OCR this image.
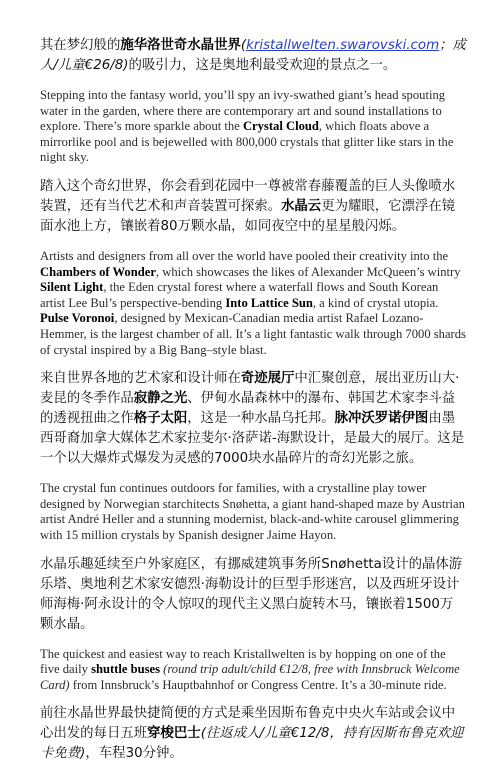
其在梦幻般的施华洛世奇水晶世界(kristallwelten.swarovski.com；成人/儿童€26/8)的吸引力，这是奥地利最受欢迎的景点之一。

Stepping into the fantasy world, you’ll spy an ivy-swathed giant’s head spouting water in the garden, where there are contemporary art and sound installations to explore. There’s more sparkle about the Crystal Cloud, which floats above a mirrorlike pool and is bejewelled with 800,000 crystals that glitter like stars in the night sky.

踏入这个奇幻世界，你会看到花园中一尊被常春藤覆盖的巨人头像喷水装置，还有当代艺术和声音装置可探索。水晶云更为耀眼，它漂浮在镜面水池上方，镶嵌着80万颗水晶，如同夜空中的星星般闪烁。

Artists and designers from all over the world have pooled their creativity into the Chambers of Wonder, which showcases the likes of Alexander McQueen’s wintry Silent Light, the Eden crystal forest where a waterfall flows and South Korean artist Lee Bul’s perspective-bending Into Lattice Sun, a kind of crystal utopia. Pulse Voronoi, designed by Mexican-Canadian media artist Rafael Lozano-Hemmer, is the largest chamber of all. It’s a light fantastic walk through 7000 shards of crystal inspired by a Big Bang–style blast.

来自世界各地的艺术家和设计师在奇迹展厅中汇聚创意，展出亚历山大·麦昆的冬季作品寂静之光、伊甸水晶森林中的瀑布、韩国艺术家李斗益的透视扭曲之作格子太阳，这是一种水晶乌托邦。脉冲沃罗诺伊图由墨西哥裔加拿大媒体艺术家拉斐尔·洛萨诺-海默设计，是最大的展厅。这是一个以大爆炸式爆发为灵感的7000块水晶碎片的奇幻光影之旅。

The crystal fun continues outdoors for families, with a crystalline play tower designed by Norwegian starchitects Snøhetta, a giant hand-shaped maze by Austrian artist André Heller and a stunning modernist, black-and-white carousel glimmering with 15 million crystals by Spanish designer Jaime Hayon.

水晶乐趣延续至户外家庭区，有挪威建筑事务所Snøhetta设计的晶体游乐塔、奥地利艺术家安德烈·海勒设计的巨型手形迷宫，以及西班牙设计师海梅·阿永设计的令人惊叹的现代主义黑白旋转木马，镶嵌着1500万颗水晶。

The quickest and easiest way to reach Kristallwelten is by hopping on one of the five daily shuttle buses (round trip adult/child €12/8, free with Innsbruck Welcome Card) from Innsbruck’s Hauptbahnhof or Congress Centre. It’s a 30-minute ride.

前往水晶世界最快捷简便的方式是乘坐因斯布鲁克中央火车站或会议中心出发的每日五班穿梭巴士(往返成人/儿童€12/8，持有因斯布鲁克欢迎卡免费)，车程30分钟。
